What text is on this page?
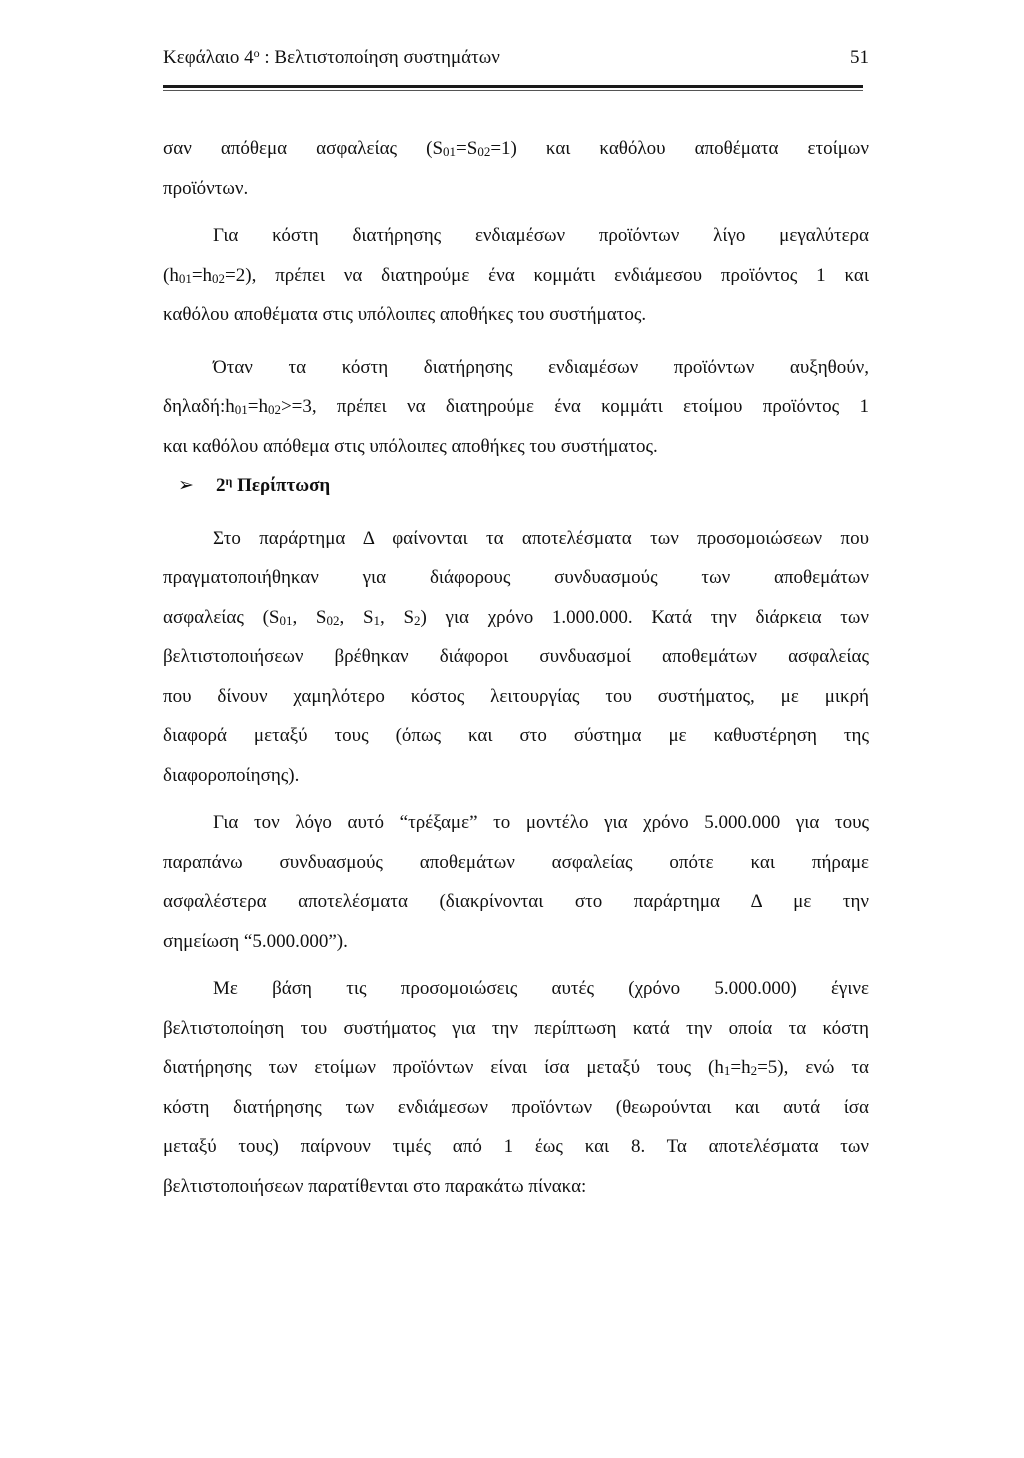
Κεφάλαιο $4^o$ : Βελτιστοποίηση συστημάτων	51
σαν απόθεμα ασφαλείας $(S_{01}=S_{02}=1)$ και καθόλου αποθέματα ετοίμων
προϊόντων.
Για κόστη διατήρησης ενδιαμέσων προϊόντων λίγο μεγαλύτερα
$(h_{01}=h_{02}=2)$, πρέπει να διατηρούμε ένα κομμάτι ενδιάμεσου προϊόντος 1 και
καθόλου αποθέματα στις υπόλοιπες αποθήκες του συστήματος.
Όταν τα κόστη διατήρησης ενδιαμέσων προϊόντων αυξηθούν,
$\delta\eta\lambda\alpha\delta ή:h_{01}=h_{02}>=3$, πρέπει να διατηρούμε ένα κομμάτι ετοίμου προϊόντος 1
και καθόλου απόθεμα στις υπόλοιπες αποθήκες του συστήματος.
➢ $2^\eta$ Περίπτωση
Στο παράρτημα Δ φαίνονται τα αποτελέσματα των προσομοιώσεων που
πραγματοποιήθηκαν για διάφορους συνδυασμούς των αποθεμάτων
ασφαλείας ($S_{01}$, $S_{02}$, $S_1$, $S_2$) για χρόνο 1.000.000. Κατά την διάρκεια των
βελτιστοποιήσεων βρέθηκαν διάφοροι συνδυασμοί αποθεμάτων ασφαλείας
που δίνουν χαμηλότερο κόστος λειτουργίας του συστήματος, με μικρή
διαφορά μεταξύ τους (όπως και στο σύστημα με καθυστέρηση της
διαφοροποίησης).
Για τον λόγο αυτό “τρέξαμε” το μοντέλο για χρόνο 5.000.000 για τους
παραπάνω συνδυασμούς αποθεμάτων ασφαλείας οπότε και πήραμε
ασφαλέστερα αποτελέσματα (διακρίνονται στο παράρτημα Δ με την
σημείωση “5.000.000”).
Με βάση τις προσομοιώσεις αυτές (χρόνο 5.000.000) έγινε
βελτιστοποίηση του συστήματος για την περίπτωση κατά την οποία τα κόστη
διατήρησης των ετοίμων προϊόντων είναι ίσα μεταξύ τους $(h_1=h_2=5)$, ενώ τα
κόστη διατήρησης των ενδιάμεσων προϊόντων (θεωρούνται και αυτά ίσα
μεταξύ τους) παίρνουν τιμές από 1 έως και 8. Τα αποτελέσματα των
βελτιστοποιήσεων παρατίθενται στο παρακάτω πίνακα:
